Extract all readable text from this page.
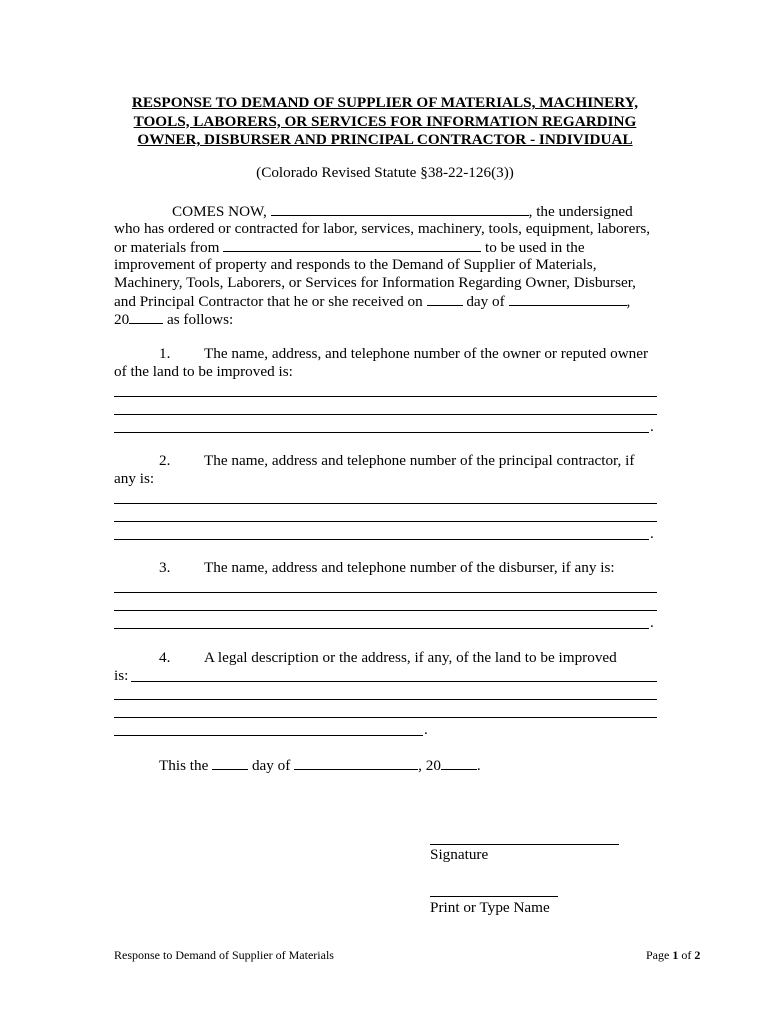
RESPONSE TO DEMAND OF SUPPLIER OF MATERIALS, MACHINERY,
TOOLS, LABORERS, OR SERVICES FOR INFORMATION REGARDING
OWNER, DISBURSER AND PRINCIPAL CONTRACTOR - INDIVIDUAL
(Colorado Revised Statute §38-22-126(3))
COMES NOW,	, the undersigned
who has ordered or contracted for labor, services, machinery, tools, equipment, laborers,
or materials from	to be used in the
improvement of property and responds to the Demand of Supplier of Materials,
Machinery, Tools, Laborers, or Services for Information Regarding Owner, Disburser,
and Principal Contractor that he or she received on	day of	,
20 as follows:
1. The name, address, and telephone number of the owner or reputed owner
of the land to be improved is:
.
2. The name, address and telephone number of the principal contractor, if
any is:
.
3. The name, address and telephone number of the disburser, if any is:
.
4. A legal description or the address, if any, of the land to be improved
is:
.
This the	day of	, 20 .
Signature
Print or Type Name
Response to Demand of Supplier of Materials	Page 1 of 2
